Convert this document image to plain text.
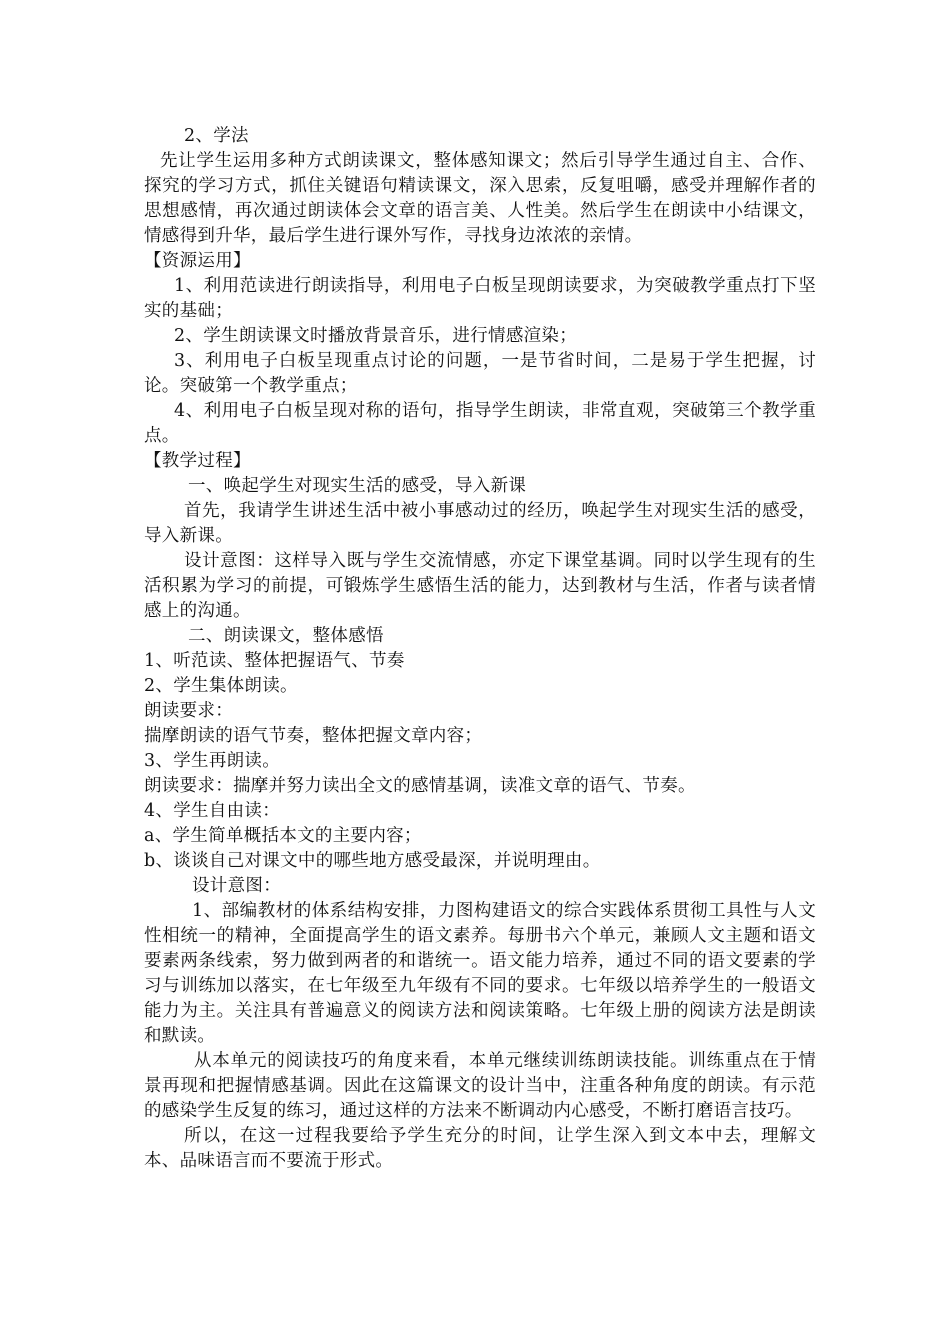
2、学法

先让学生运用多种方式朗读课文，整体感知课文；然后引导学生通过自主、合作、探究的学习方式，抓住关键语句精读课文，深入思索，反复咀嚼，感受并理解作者的思想感情，再次通过朗读体会文章的语言美、人性美。然后学生在朗读中小结课文，情感得到升华，最后学生进行课外写作，寻找身边浓浓的亲情。

【资源运用】

1、利用范读进行朗读指导，利用电子白板呈现朗读要求，为突破教学重点打下坚实的基础；

2、学生朗读课文时播放背景音乐，进行情感渲染；

3、利用电子白板呈现重点讨论的问题，一是节省时间，二是易于学生把握，讨论。突破第一个教学重点；

4、利用电子白板呈现对称的语句，指导学生朗读，非常直观，突破第三个教学重点。

【教学过程】

一、唤起学生对现实生活的感受，导入新课

首先，我请学生讲述生活中被小事感动过的经历，唤起学生对现实生活的感受，导入新课。

设计意图：这样导入既与学生交流情感，亦定下课堂基调。同时以学生现有的生活积累为学习的前提，可锻炼学生感悟生活的能力，达到教材与生活，作者与读者情感上的沟通。

二、朗读课文，整体感悟

1、听范读、整体把握语气、节奏

2、学生集体朗读。

朗读要求：

揣摩朗读的语气节奏，整体把握文章内容；

3、学生再朗读。

朗读要求：揣摩并努力读出全文的感情基调，读准文章的语气、节奏。

4、学生自由读：

a、学生简单概括本文的主要内容；

b、谈谈自己对课文中的哪些地方感受最深，并说明理由。

设计意图：

1、部编教材的体系结构安排，力图构建语文的综合实践体系贯彻工具性与人文性相统一的精神，全面提高学生的语文素养。每册书六个单元，兼顾人文主题和语文要素两条线索，努力做到两者的和谐统一。语文能力培养，通过不同的语文要素的学习与训练加以落实，在七年级至九年级有不同的要求。七年级以培养学生的一般语文能力为主。关注具有普遍意义的阅读方法和阅读策略。七年级上册的阅读方法是朗读和默读。

从本单元的阅读技巧的角度来看，本单元继续训练朗读技能。训练重点在于情景再现和把握情感基调。因此在这篇课文的设计当中，注重各种角度的朗读。有示范的感染学生反复的练习，通过这样的方法来不断调动内心感受，不断打磨语言技巧。

所以，在这一过程我要给予学生充分的时间，让学生深入到文本中去，理解文本、品味语言而不要流于形式。
